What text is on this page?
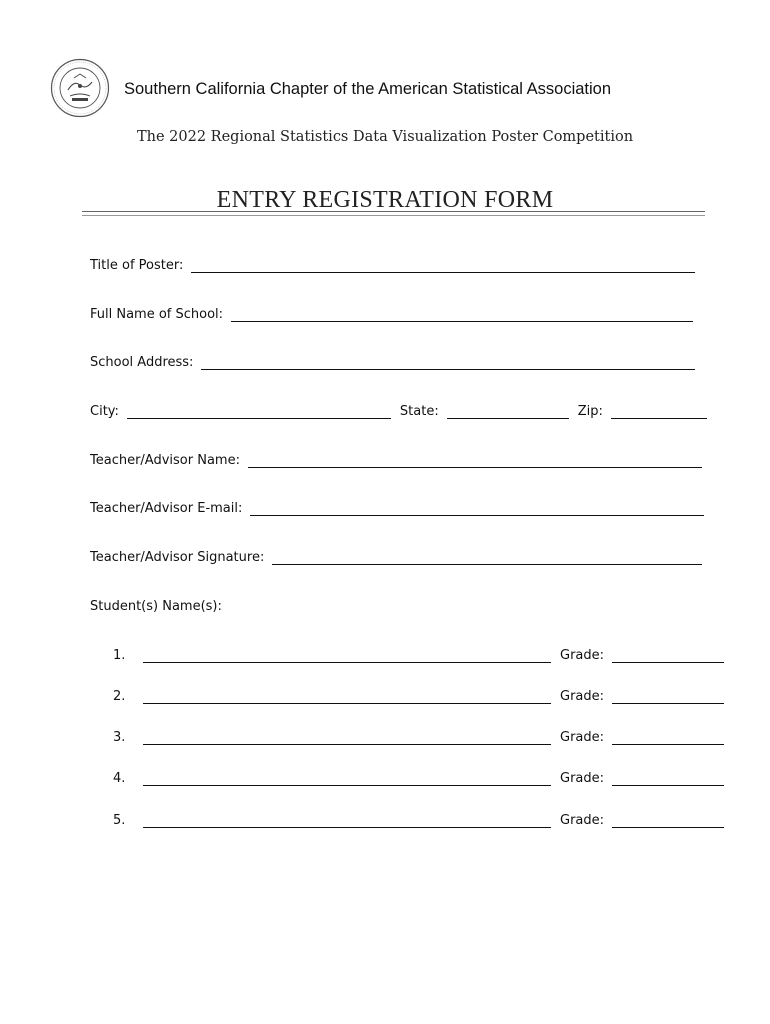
Southern California Chapter of the American Statistical Association
The 2022 Regional Statistics Data Visualization Poster Competition
ENTRY REGISTRATION FORM
Title of Poster:
Full Name of School:
School Address:
City:	State:	Zip:
Teacher/Advisor Name:
Teacher/Advisor E-mail:
Teacher/Advisor Signature:
Student(s) Name(s):
1.	Grade:
2.	Grade:
3.	Grade:
4.	Grade:
5.	Grade:
